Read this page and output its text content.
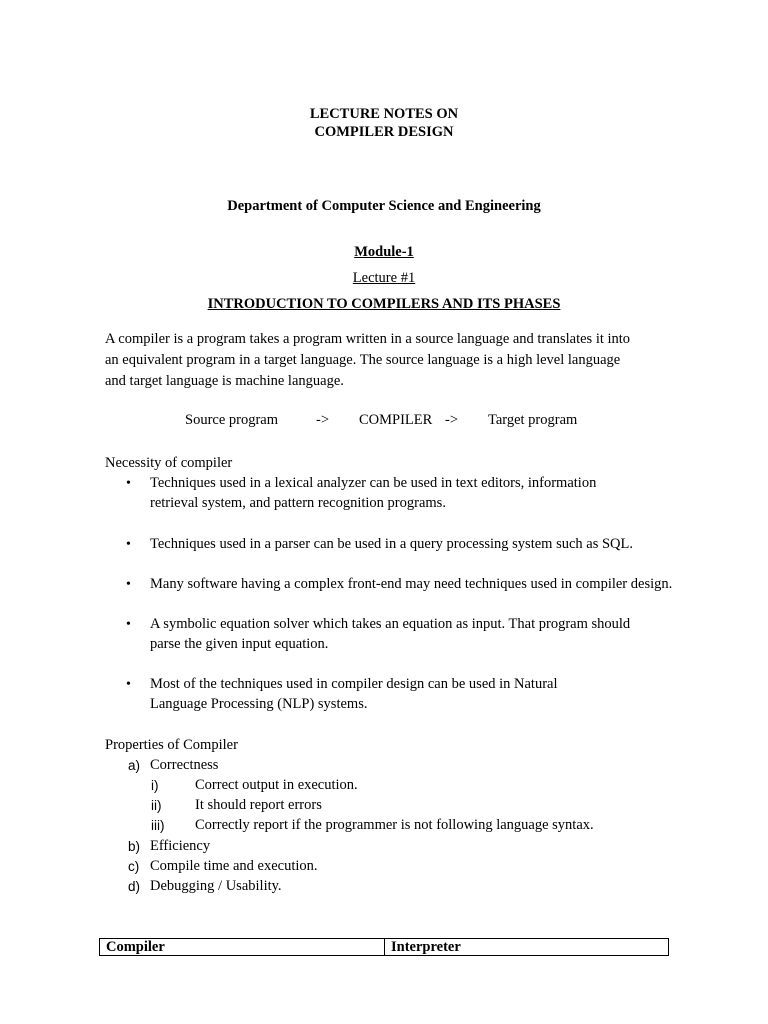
LECTURE NOTES ON
COMPILER DESIGN
Department of Computer Science and Engineering
Module-1
Lecture #1
INTRODUCTION TO COMPILERS AND ITS PHASES
A compiler is a program takes a program written in a source language and translates it into
an equivalent program in a target language. The source language is a high level language
and target language is machine language.
Source program	-> COMPILER -> Target program
Necessity of compiler
• Techniques used in a lexical analyzer can be used in text editors, information
retrieval system, and pattern recognition programs.
• Techniques used in a parser can be used in a query processing system such as SQL.
• Many software having a complex front-end may need techniques used in compiler design.
• A symbolic equation solver which takes an equation as input. That program should
parse the given input equation.
• Most of the techniques used in compiler design can be used in Natural
Language Processing (NLP) systems.
Properties of Compiler
a) Correctness
i)	Correct output in execution.
ii) It should report errors
iii) Correctly report if the programmer is not following language syntax.
b) Efficiency
c) Compile time and execution.
d) Debugging / Usability.
Compiler	Interpreter
